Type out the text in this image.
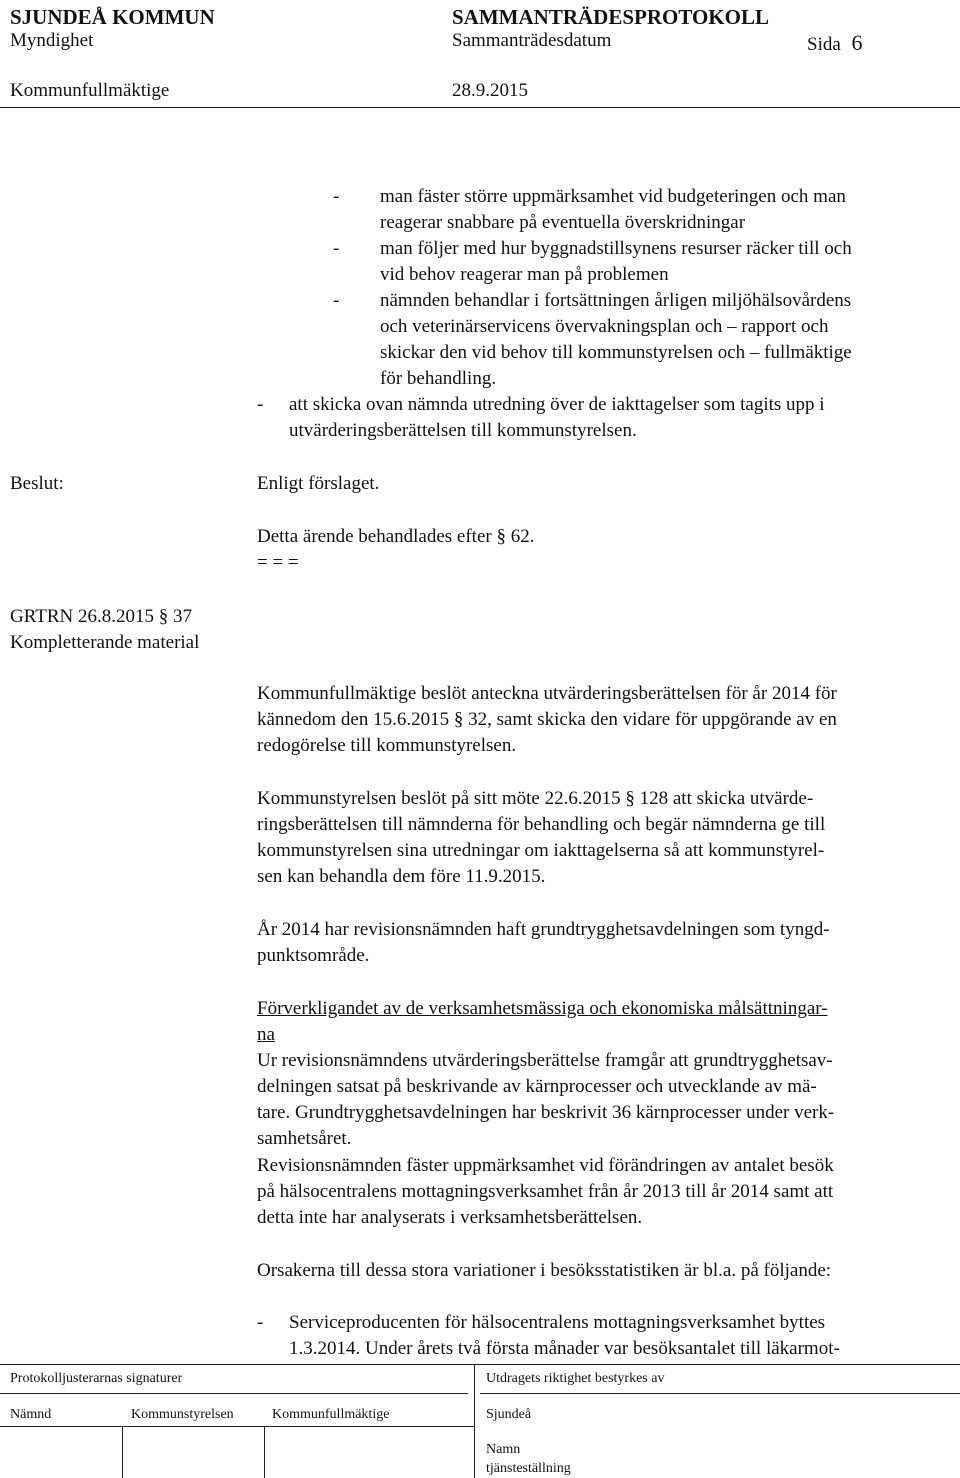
SJUNDEÅ KOMMUN	SAMMANTRÄDESPROTOKOLL
Myndighet	Sammanträdesdatum	Sida 6
Kommunfullmäktige	28.9.2015
- man fäster större uppmärksamhet vid budgeteringen och man
reagerar snabbare på eventuella överskridningar
- man följer med hur byggnadstillsynens resurser räcker till och
vid behov reagerar man på problemen
- nämnden behandlar i fortsättningen årligen miljöhälsovårdens
och veterinärservicens övervakningsplan och – rapport och
skickar den vid behov till kommunstyrelsen och – fullmäktige
för behandling.
- att skicka ovan nämnda utredning över de iakttagelser som tagits upp i
utvärderingsberättelsen till kommunstyrelsen.
Beslut:	Enligt förslaget.
Detta ärende behandlades efter § 62.
= = =
GRTRN 26.8.2015 § 37
Kompletterande material
Kommunfullmäktige beslöt anteckna utvärderingsberättelsen för år 2014 för
kännedom den 15.6.2015 § 32, samt skicka den vidare för uppgörande av en
redogörelse till kommunstyrelsen.
Kommunstyrelsen beslöt på sitt möte 22.6.2015 § 128 att skicka utvärde-
ringsberättelsen till nämnderna för behandling och begär nämnderna ge till
kommunstyrelsen sina utredningar om iakttagelserna så att kommunstyrel-
sen kan behandla dem före 11.9.2015.
År 2014 har revisionsnämnden haft grundtrygghetsavdelningen som tyngd-
punktsområde.
Förverkligandet av de verksamhetsmässiga och ekonomiska målsättningar-
na
Ur revisionsnämndens utvärderingsberättelse framgår att grundtrygghetsav-
delningen satsat på beskrivande av kärnprocesser och utvecklande av mä-
tare. Grundtrygghetsavdelningen har beskrivit 36 kärnprocesser under verk-
samhetsåret.
Revisionsnämnden fäster uppmärksamhet vid förändringen av antalet besök
på hälsocentralens mottagningsverksamhet från år 2013 till år 2014 samt att
detta inte har analyserats i verksamhetsberättelsen.
Orsakerna till dessa stora variationer i besöksstatistiken är bl.a. på följande:
- Serviceproducenten för hälsocentralens mottagningsverksamhet byttes
1.3.2014. Under årets två första månader var besöksantalet till läkarmot-
Protokolljusterarnas signaturer	Utdragets riktighet bestyrkes av
Nämnd	Kommunstyrelsen	Kommunfullmäktige	Sjundeå
Namn
tjänsteställning
